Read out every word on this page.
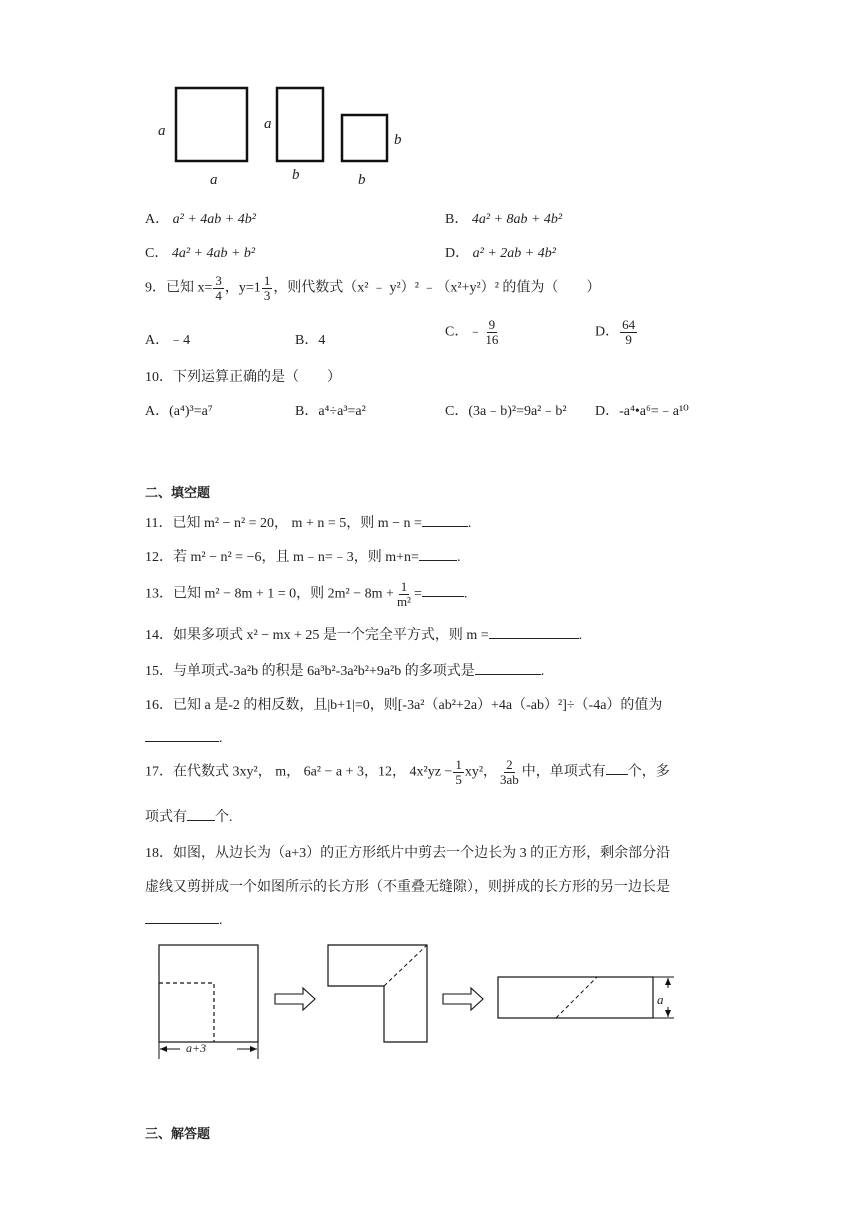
a
a
a
b	b
b
A． a² + 4ab + 4b²	B． 4a² + 8ab + 4b²
C． 4a² + 4ab + b²	D． a² + 2ab + 4b²
9．已知 $x= \frac{3}{4}$ ，$y=1 \frac{1}{3}$ ，则代数式（x² ﹣ y²）² ﹣（x²+y²）² 的值为（　　）
A．﹣4	B．4
C．﹣ $\frac{9}{16}$	D． $\frac{64}{9}$
10．下列运算正确的是（　　）
A．(a⁴)³=a⁷	B．a⁴÷a³=a²	C．(3a﹣b)²=9a²﹣b² D．-a⁴•a⁶=﹣a¹⁰
二、填空题
11．已知 m² − n² = 20， m + n = 5，则 m − n =	.
12．若 m² − n² = −6，且 m﹣n=﹣3，则 m+n=	.
13．已知 m² − 8m + 1 = 0，则 $2m^2 - 8m + \frac{1}{\text{m²}}$ =	.
14．如果多项式 x² − mx + 25 是一个完全平方式，则 m =	.
15．与单项式-3a²b 的积是 6a³b²-3a²b²+9a²b 的多项式是	.
16．已知 a 是-2 的相反数，且|b+1|=0，则[-3a²（ab²+2a）+4a（-ab）²]÷（-4a）的值为
.
17．在代数式 3xy²， m， 6a² − a + 3，12， $4x^2yz - \frac{1}{5} xy^2$， $\frac{2}{3ab}$ 中，单项式有 个，多
项式有 个.
18．如图，从边长为（a+3）的正方形纸片中剪去一个边长为 3 的正方形，剩余部分沿
虚线又剪拼成一个如图所示的长方形（不重叠无缝隙），则拼成的长方形的另一边长是
.
a+3
a
三、解答题
